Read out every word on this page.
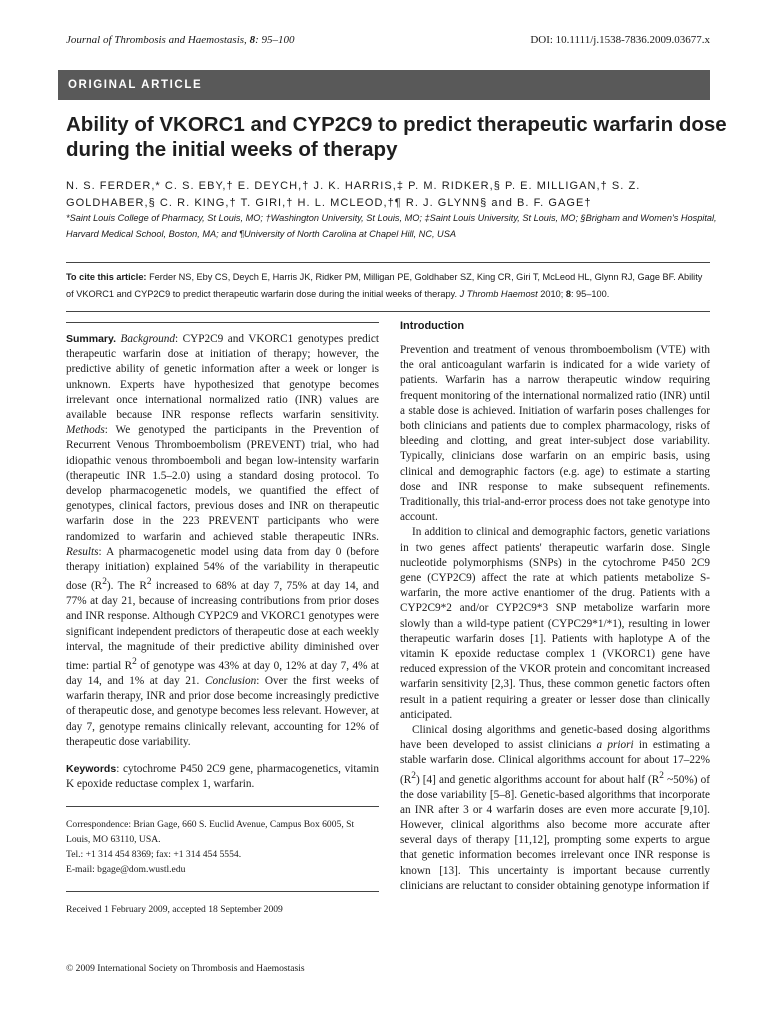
Journal of Thrombosis and Haemostasis, 8: 95–100	DOI: 10.1111/j.1538-7836.2009.03677.x
ORIGINAL ARTICLE
Ability of VKORC1 and CYP2C9 to predict therapeutic warfarin dose during the initial weeks of therapy
N. S. FERDER,* C. S. EBY,† E. DEYCH,† J. K. HARRIS,‡ P. M. RIDKER,§ P. E. MILLIGAN,† S. Z. GOLDHABER,§ C. R. KING,† T. GIRI,† H. L. MCLEOD,†¶ R. J. GLYNN§ and B. F. GAGE†
*Saint Louis College of Pharmacy, St Louis, MO; †Washington University, St Louis, MO; ‡Saint Louis University, St Louis, MO; §Brigham and Women's Hospital, Harvard Medical School, Boston, MA; and ¶University of North Carolina at Chapel Hill, NC, USA
To cite this article: Ferder NS, Eby CS, Deych E, Harris JK, Ridker PM, Milligan PE, Goldhaber SZ, King CR, Giri T, McLeod HL, Glynn RJ, Gage BF. Ability of VKORC1 and CYP2C9 to predict therapeutic warfarin dose during the initial weeks of therapy. J Thromb Haemost 2010; 8: 95–100.

Summary. Background: CYP2C9 and VKORC1 genotypes predict therapeutic warfarin dose at initiation of therapy; however, the predictive ability of genetic information after a week or longer is unknown. Experts have hypothesized that genotype becomes irrelevant once international normalized ratio (INR) values are available because INR response reflects warfarin sensitivity. Methods: We genotyped the participants in the Prevention of Recurrent Venous Thromboembolism (PREVENT) trial, who had idiopathic venous thromboemboli and began low-intensity warfarin (therapeutic INR 1.5–2.0) using a standard dosing protocol. To develop pharmacogenetic models, we quantified the effect of genotypes, clinical factors, previous doses and INR on therapeutic warfarin dose in the 223 PREVENT participants who were randomized to warfarin and achieved stable therapeutic INRs. Results: A pharmacogenetic model using data from day 0 (before therapy initiation) explained 54% of the variability in therapeutic dose $(R^2)$. The $R^2$ increased to 68% at day 7, 75% at day 14, and 77% at day 21, because of increasing contributions from prior doses and INR response. Although CYP2C9 and VKORC1 genotypes were significant independent predictors of therapeutic dose at each weekly interval, the magnitude of their predictive ability diminished over time: partial $R^2$ of genotype was 43% at day 0, 12% at day 7, 4% at day 14, and 1% at day 21. Conclusion: Over the first weeks of warfarin therapy, INR and prior dose become increasingly predictive of therapeutic dose, and genotype becomes less relevant. However, at day 7, genotype remains clinically relevant, accounting for 12% of therapeutic dose variability.

Keywords: cytochrome P450 2C9 gene, pharmacogenetics, vitamin K epoxide reductase complex 1, warfarin.

Correspondence: Brian Gage, 660 S. Euclid Avenue, Campus Box 6005, St Louis, MO 63110, USA.
Tel.: +1 314 454 8369; fax: +1 314 454 5554.
E-mail: bgage@dom.wustl.edu
Received 1 February 2009, accepted 18 September 2009
© 2009 International Society on Thrombosis and Haemostasis
Introduction

Prevention and treatment of venous thromboembolism (VTE) with the oral anticoagulant warfarin is indicated for a wide variety of patients. Warfarin has a narrow therapeutic window requiring frequent monitoring of the international normalized ratio (INR) until a stable dose is achieved. Initiation of warfarin poses challenges for both clinicians and patients due to complex pharmacology, risks of bleeding and clotting, and great inter-subject dose variability. Typically, clinicians dose warfarin on an empiric basis, using clinical and demographic factors (e.g. age) to estimate a starting dose and INR response to make subsequent refinements. Traditionally, this trial-and-error process does not take genotype into account.

In addition to clinical and demographic factors, genetic variations in two genes affect patients' therapeutic warfarin dose. Single nucleotide polymorphisms (SNPs) in the cytochrome P450 2C9 gene (CYP2C9) affect the rate at which patients metabolize S-warfarin, the more active enantiomer of the drug. Patients with a CYP2C9*2 and/or CYP2C9*3 SNP metabolize warfarin more slowly than a wild-type patient (CYPC29*1/*1), resulting in lower therapeutic warfarin doses [1]. Patients with haplotype A of the vitamin K epoxide reductase complex 1 (VKORC1) gene have reduced expression of the VKOR protein and concomitant increased warfarin sensitivity [2,3]. Thus, these common genetic factors often result in a patient requiring a greater or lesser dose than clinically anticipated.

Clinical dosing algorithms and genetic-based dosing algorithms have been developed to assist clinicians a priori in estimating a stable warfarin dose. Clinical algorithms account for about 17–22% $(R^2)$ [4] and genetic algorithms account for about half ($R^2$ ~50%) of the dose variability [5–8]. Genetic-based algorithms that incorporate an INR after 3 or 4 warfarin doses are even more accurate [9,10]. However, clinical algorithms also become more accurate after several days of therapy [11,12], prompting some experts to argue that genetic information becomes irrelevant once INR response is known [13]. This uncertainty is important because currently clinicians are reluctant to consider obtaining genotype information if
